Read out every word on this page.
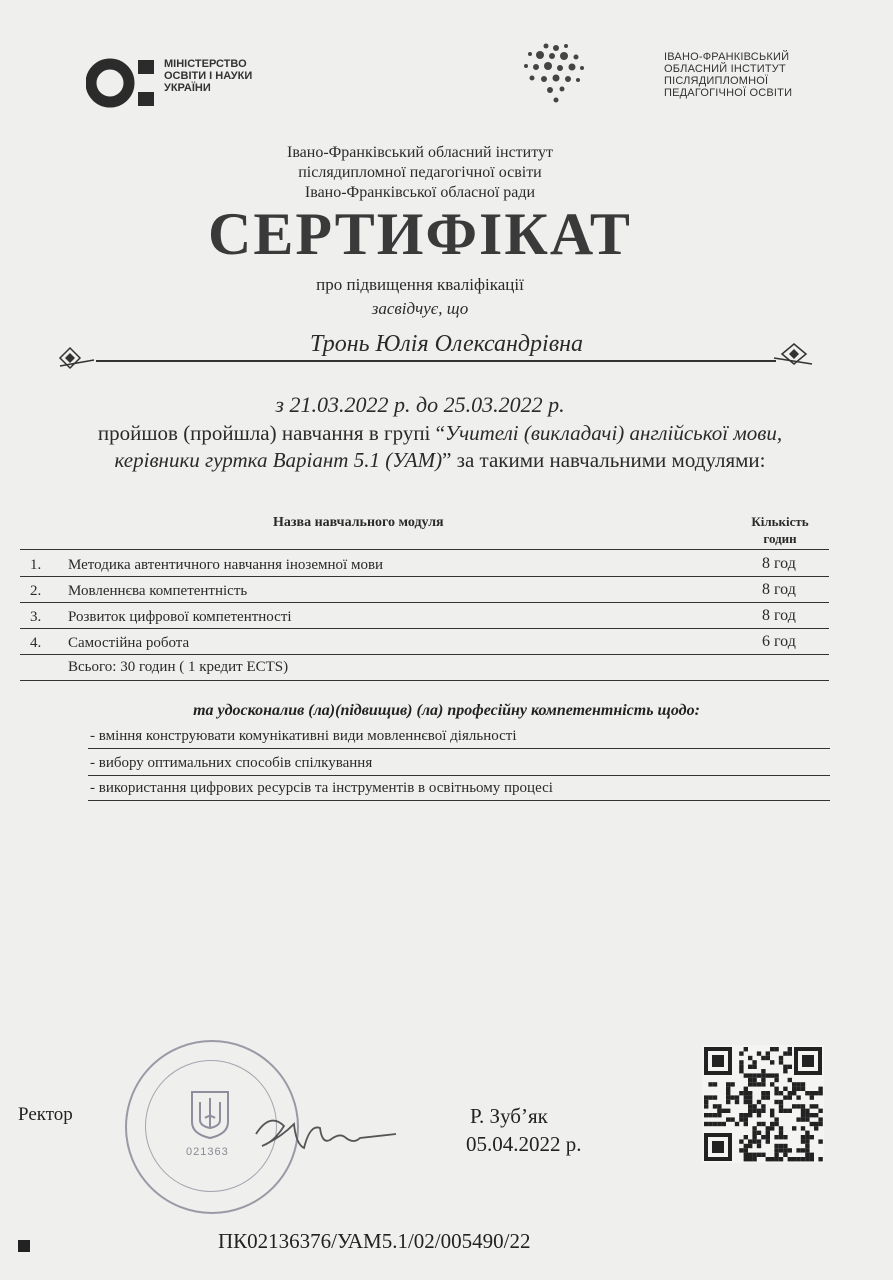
МІНІСТЕРСТВО
ОСВІТИ І НАУКИ
УКРАЇНИ
ІВАНО-ФРАНКІВСЬКИЙ
ОБЛАСНИЙ ІНСТИТУТ
ПІСЛЯДИПЛОМНОЇ
ПЕДАГОГІЧНОЇ ОСВІТИ
Івано-Франківський обласний інститут
післядипломної педагогічної освіти
Івано-Франківської обласної ради
СЕРТИФІКАТ
про підвищення кваліфікації
засвідчує, що
Тронь Юлія Олександрівна
з 21.03.2022 р. до 25.03.2022 р.
пройшов (пройшла) навчання в групі “Учителі (викладачі) англійської мови, керівники гуртка Варіант 5.1 (УАМ)” за такими навчальними модулями:
Назва навчального модуля	Кількість
годин
1. Методика автентичного навчання іноземної мови	8 год
2. Мовленнєва компетентність	8 год
3. Розвиток цифрової компетентності	8 год
4. Самостійна робота	6 год
Всього: 30 годин ( 1 кредит ECTS)
та удосконалив (ла)(підвищив) (ла) професійну компетентність щодо:
- вміння конструювати комунікативні види мовленнєвої діяльності
- вибору оптимальних способів спілкування
- використання цифрових ресурсів та інструментів в освітньому процесі
021363
Ректор	Р. Зуб’як
05.04.2022 р.
ПК02136376/УАМ5.1/02/005490/22
